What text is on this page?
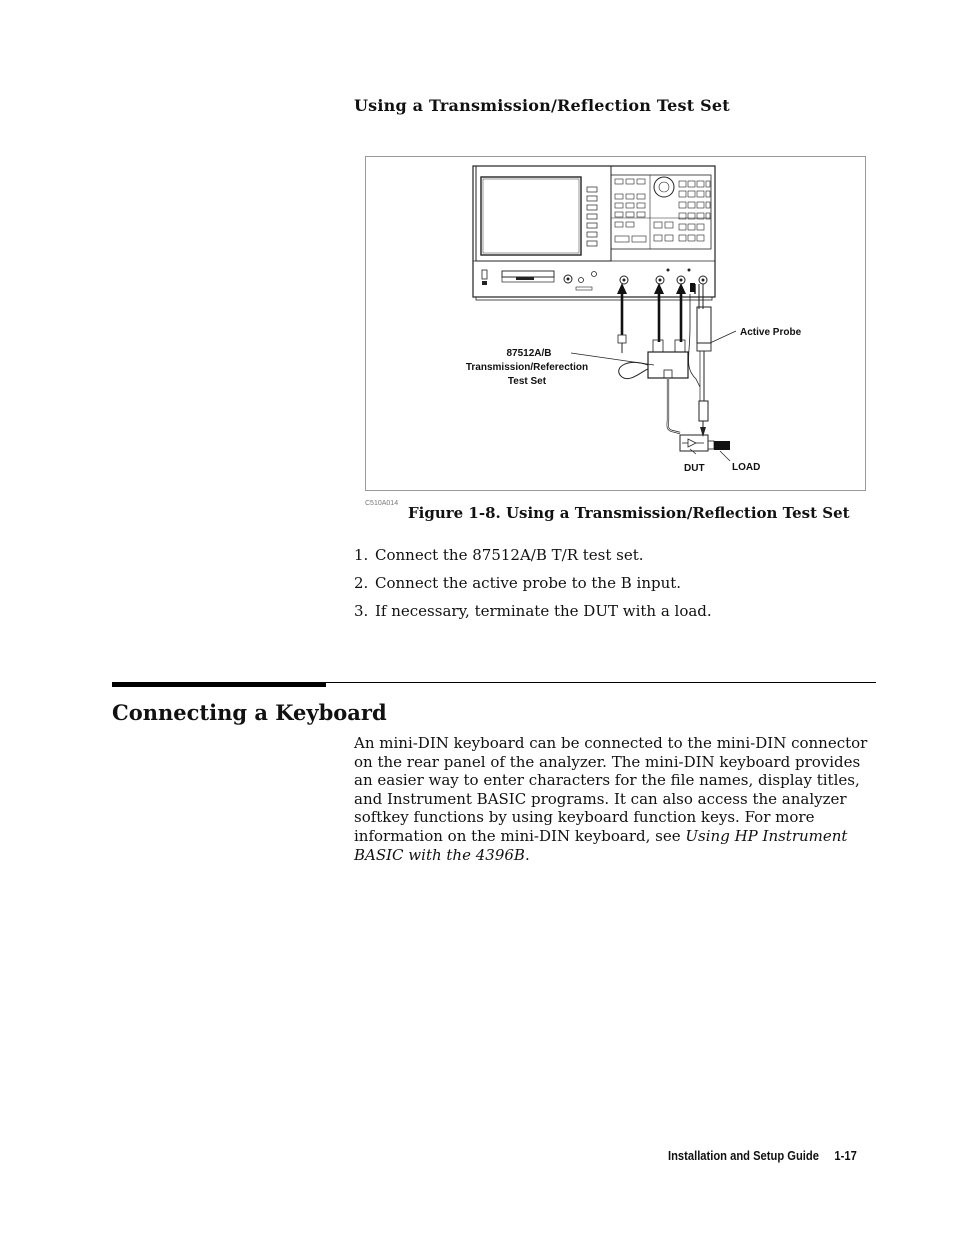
Using a Transmission/Reflection Test Set
Active Probe
87512A/B
Transmission/Referection
Test Set
DUT	LOAD
C510A014
Figure 1-8. Using a Transmission/Reflection Test Set
1. Connect the 87512A/B T/R test set.
2. Connect the active probe to the B input.
3. If necessary, terminate the DUT with a load.
Connecting a Keyboard
An mini-DIN keyboard can be connected to the mini-DIN connector on the rear panel of the analyzer. The mini-DIN keyboard provides an easier way to enter characters for the file names, display titles, and Instrument BASIC programs. It can also access the analyzer softkey functions by using keyboard function keys. For more information on the mini-DIN keyboard, see Using HP Instrument BASIC with the 4396B.
Installation and Setup Guide 1-17
